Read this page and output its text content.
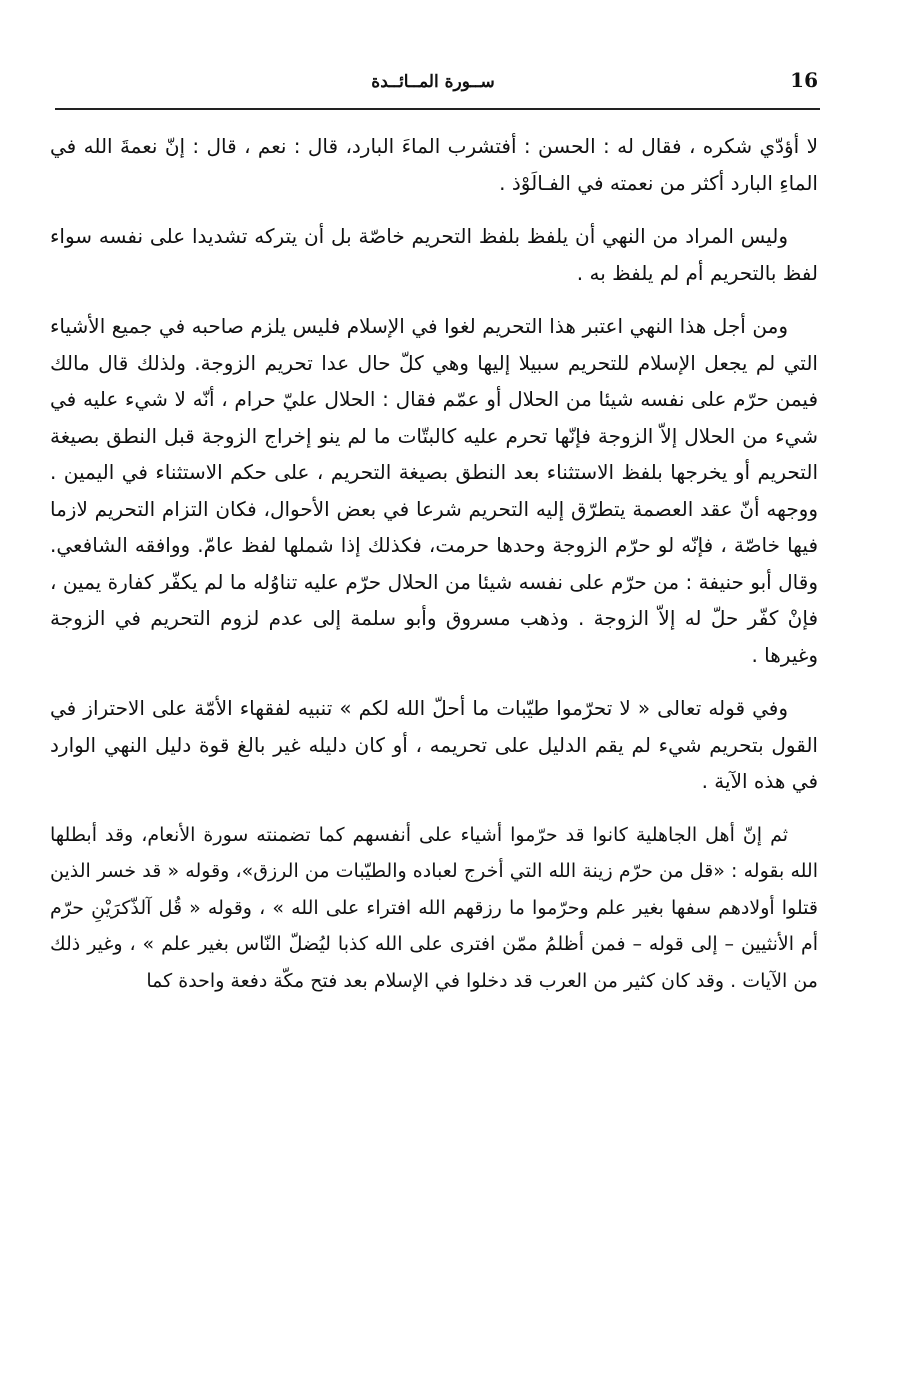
ســورة المــائــدة	16

لا أؤدّي شكره ، فقال له : الحسن : أفتشرب الماءَ البارد، قال : نعم ، قال : إنّ نعمةَ الله في الماءِ البارد أكثر من نعمته في الفـالَوْذ .

وليس المراد من النهي أن يلفظ بلفظ التحريم خاصّة بل أن يتركه تشديدا على نفسه سواء لفظ بالتحريم أم لم يلفظ به .

ومن أجل هذا النهي اعتبر هذا التحريم لغوا في الإسلام فليس يلزم صاحبه في جميع الأشياء التي لم يجعل الإسلام للتحريم سبيلا إليها وهي كلّ حال عدا تحريم الزوجة. ولذلك قال مالك فيمن حرّم على نفسه شيئا من الحلال أو عمّم فقال : الحلال عليّ حرام ، أنّه لا شيء عليه في شيء من الحلال إلاّ الزوجة فإنّها تحرم عليه كالبتّات ما لم ينو إخراج الزوجة قبل النطق بصيغة التحريم أو يخرجها بلفظ الاستثناء بعد النطق بصيغة التحريم ، على حكم الاستثناء في اليمين . ووجهه أنّ عقد العصمة يتطرّق إليه التحريم شرعا في بعض الأحوال، فكان التزام التحريم لازما فيها خاصّة ، فإنّه لو حرّم الزوجة وحدها حرمت، فكذلك إذا شملها لفظ عامّ. ووافقه الشافعي. وقال أبو حنيفة : من حرّم على نفسه شيئا من الحلال حرّم عليه تناوُله ما لم يكفّر كفارة يمين ، فإنْ كفّر حلّ له إلاّ الزوجة . وذهب مسروق وأبو سلمة إلى عدم لزوم التحريم في الزوجة وغيرها .

وفي قوله تعالى « لا تحرّموا طيّبات ما أحلّ الله لكم » تنبيه لفقهاء الأمّة على الاحتراز في القول بتحريم شيء لم يقم الدليل على تحريمه ، أو كان دليله غير بالغ قوة دليل النهي الوارد في هذه الآية .

ثم إنّ أهل الجاهلية كانوا قد حرّموا أشياء على أنفسهم كما تضمنته سورة الأنعام، وقد أبطلها الله بقوله : «قل من حرّم زينة الله التي أخرج لعباده والطيّبات من الرزق»، وقوله « قد خسر الذين قتلوا أولادهم سفها بغير علم وحرّموا ما رزقهم الله افتراء على الله » ، وقوله « قُل آلذّكرَيْنِ حرّم أم الأنثيين – إلى قوله – فمن أظلمُ ممّن افترى على الله كذبا ليُضلّ النّاس بغير علم » ، وغير ذلك من الآيات . وقد كان كثير من العرب قد دخلوا في الإسلام بعد فتح مكّة دفعة واحدة كما
